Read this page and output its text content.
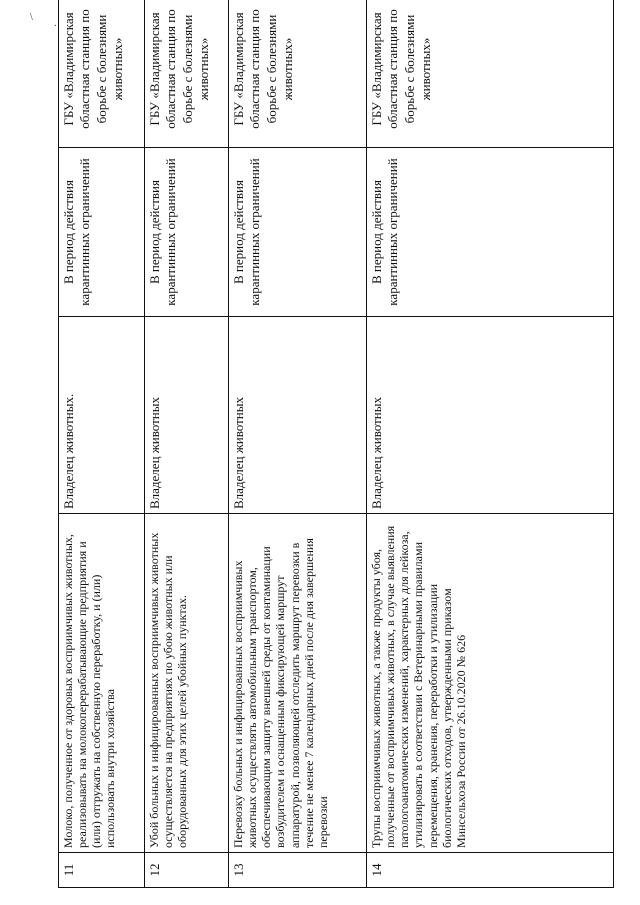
\
.
11	Молоко, полученное от здоровых восприимчивых животных, реализовывать на молокоперерабатывающие предприятия и (или) отгружать на собственную переработку, и (или) использовать внутри хозяйства	Владелец животных.	В период действия карантинных ограничений	ГБУ «Владимирская областная станция по борьбе с болезнями животных»
12	Убой больных и инфицированных восприимчивых животных осуществляется на предприятиях по убою животных или оборудованных для этих целей убойных пунктах.	Владелец животных	В период действия карантинных ограничений	ГБУ «Владимирская областная станция по борьбе с болезнями животных»
13	Перевозку больных и инфицированных восприимчивых животных осуществлять автомобильным транспортом, обеспечивающим защиту внешней среды от контаминации возбудителем и оснащенным фиксирующей маршрут аппаратурой, позволяющей отследить маршрут перевозки в течение не менее 7 календарных дней после дня завершения перевозки	Владелец животных	В период действия карантинных ограничений	ГБУ «Владимирская областная станция по борьбе с болезнями животных»
14	Трупы восприимчивых животных, а также продукты убоя, полученные от восприимчивых животных, в случае выявления патологоанатомических изменений, характерных для лейкоза, утилизировать в соответствии с Ветеринарными правилами перемещения, хранения, переработки и утилизации биологических отходов, утвержденными приказом Минсельхоза России от 26.10.2020 № 626	Владелец животных	В период действия карантинных ограничений	ГБУ «Владимирская областная станция по борьбе с болезнями животных»
